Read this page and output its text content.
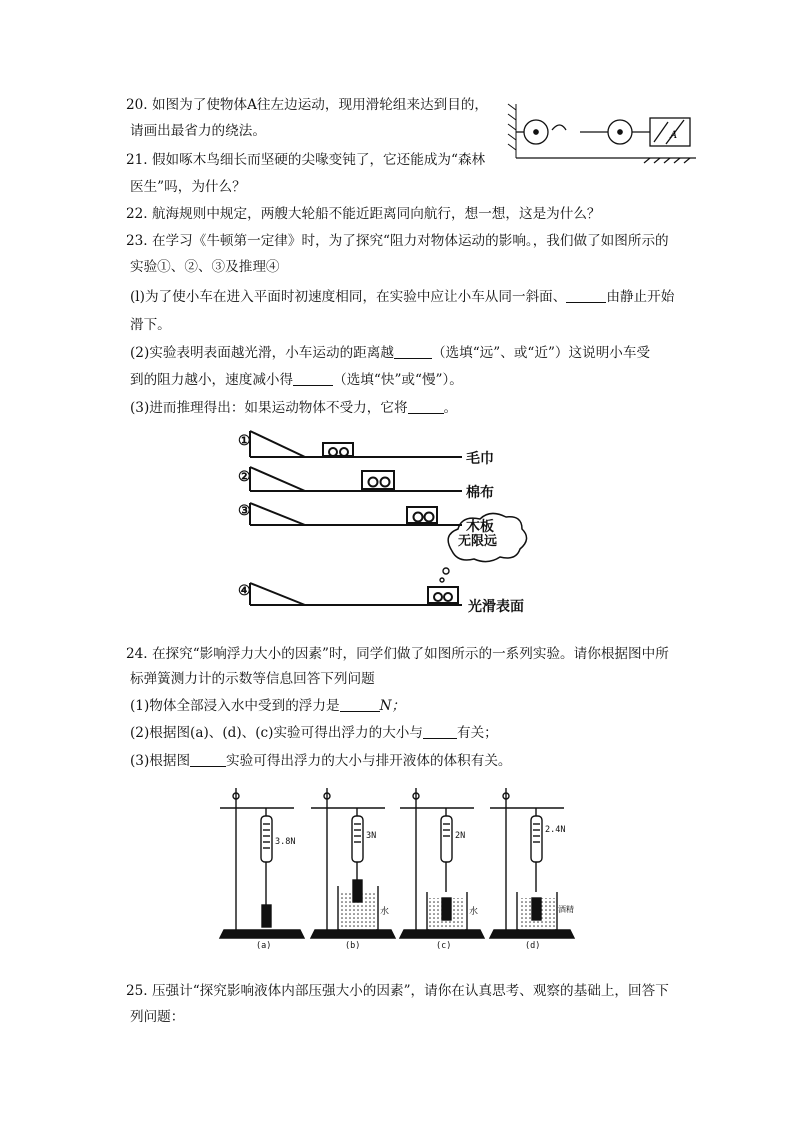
20. 如图为了使物体A往左边运动，现用滑轮组来达到目的，
请画出最省力的绕法。	A
21. 假如啄木鸟细长而坚硬的尖喙变钝了，它还能成为“森林
医生”吗，为什么？
22. 航海规则中规定，两艘大轮船不能近距离同向航行，想一想，这是为什么？
23. 在学习《牛顿第一定律》时，为了探究“阻力对物体运动的影响。，我们做了如图所示的
实验①、②、③及推理④
(l)为了使小车在进入平面时初速度相同，在实验中应让小车从同一斜面、	由静止开始
滑下。
(2)实验表明表面越光滑，小车运动的距离越	（选填“远”、或“近”）这说明小车受
到的阻力越小，速度减小得	（选填“快”或“慢”）。
(3)进而推理得出：如果运动物体不受力，它将	。
①
②
③
④
毛巾
棉布
木板
光滑表面
无限远
24. 在探究“影响浮力大小的因素”时，同学们做了如图所示的一系列实验。请你根据图中所
标弹簧测力计的示数等信息回答下列问题
(1)物体全部浸入水中受到的浮力是	N；
(2)根据图(a)、(d)、(c)实验可得出浮力的大小与	有关；
(3)根据图	实验可得出浮力的大小与排开液体的体积有关。
3.8N
3N	2N
2.4N
(a)	(b)	(c)	(d)
水	水	酒精
25. 压强计“探究影响液体内部压强大小的因素”，请你在认真思考、观察的基础上，回答下
列问题：
